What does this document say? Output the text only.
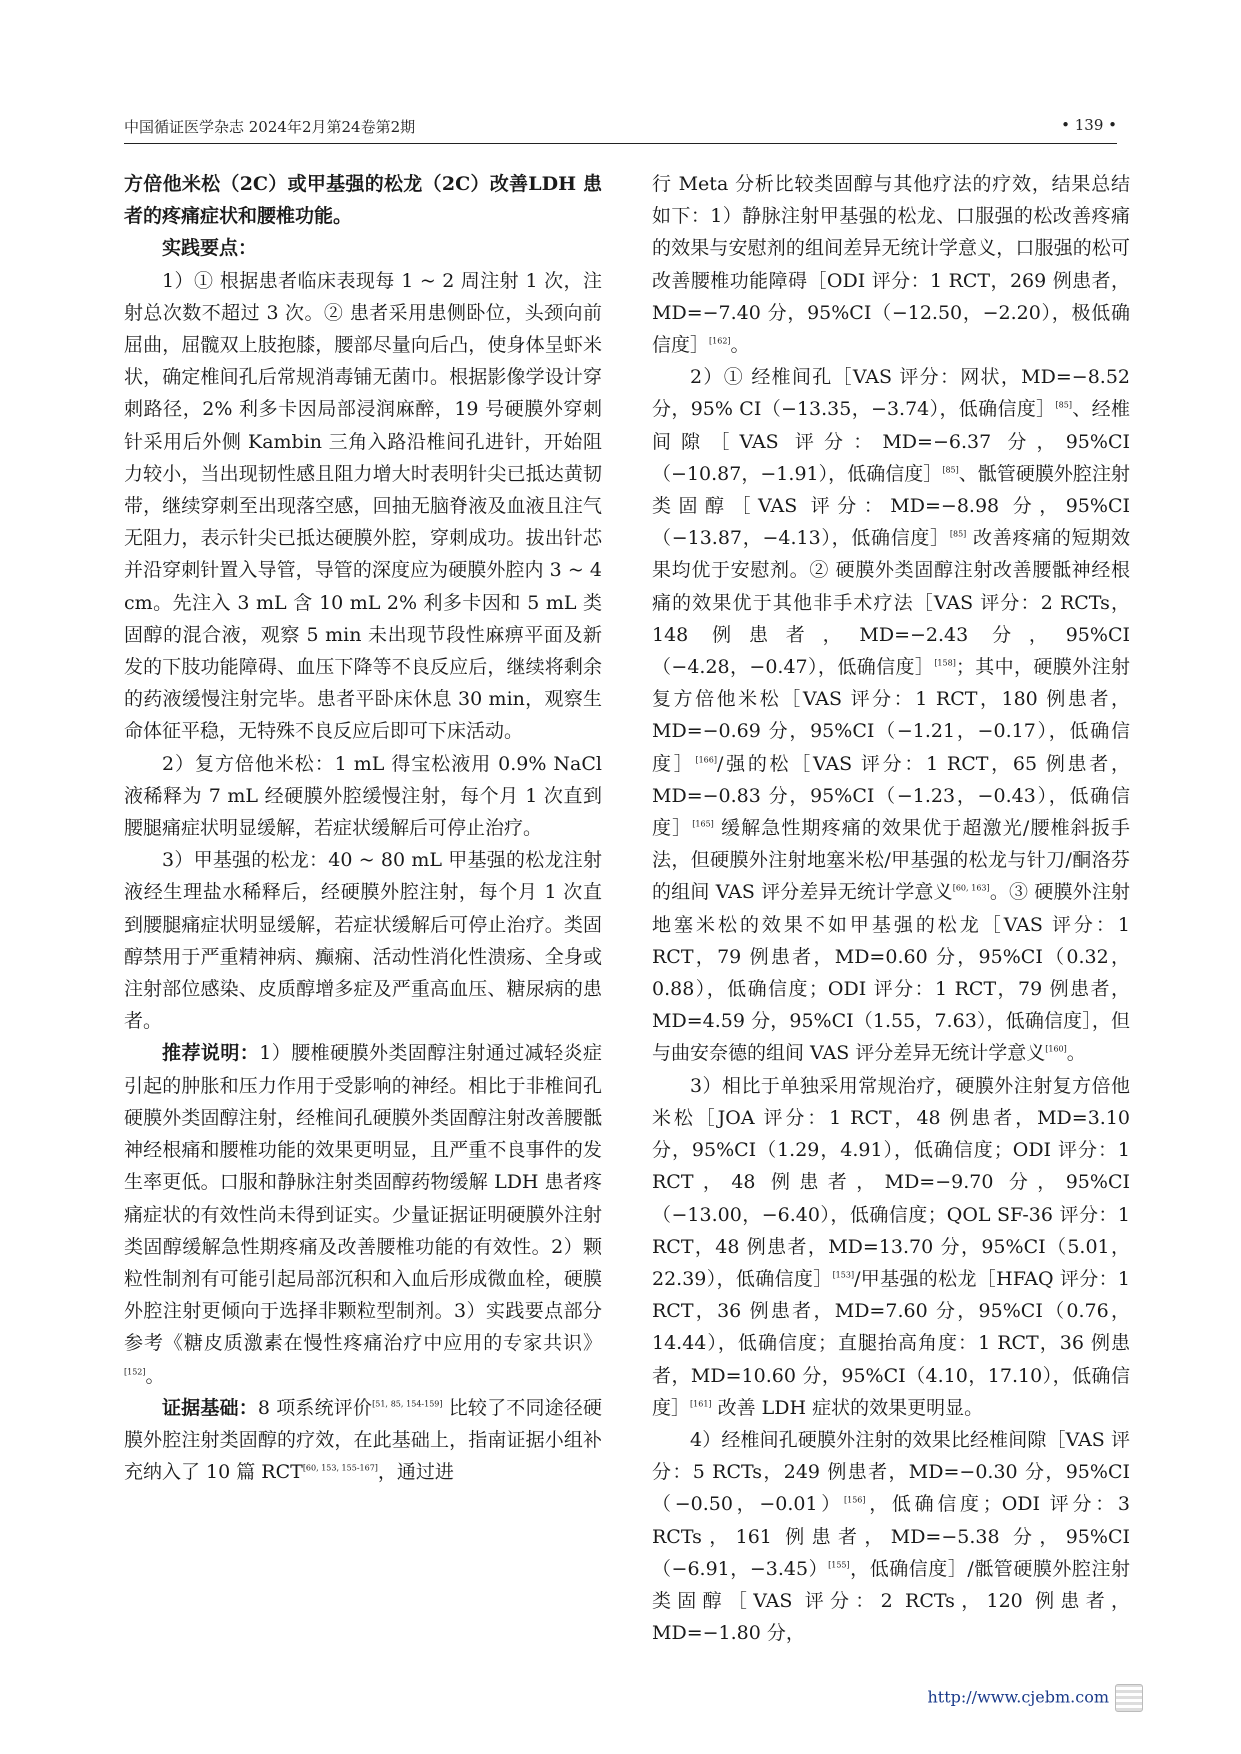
中国循证医学杂志 2024年2月第24卷第2期	• 139 •

方倍他米松（2C）或甲基强的松龙（2C）改善LDH 患者的疼痛症状和腰椎功能。

实践要点：

1）① 根据患者临床表现每 1 ~ 2 周注射 1 次，注射总次数不超过 3 次。② 患者采用患侧卧位，头颈向前屈曲，屈髋双上肢抱膝，腰部尽量向后凸，使身体呈虾米状，确定椎间孔后常规消毒铺无菌巾。根据影像学设计穿刺路径，2% 利多卡因局部浸润麻醉，19 号硬膜外穿刺针采用后外侧 Kambin 三角入路沿椎间孔进针，开始阻力较小，当出现韧性感且阻力增大时表明针尖已抵达黄韧带，继续穿刺至出现落空感，回抽无脑脊液及血液且注气无阻力，表示针尖已抵达硬膜外腔，穿刺成功。拔出针芯并沿穿刺针置入导管，导管的深度应为硬膜外腔内 3 ~ 4 cm。先注入 3 mL 含 10 mL 2% 利多卡因和 5 mL 类固醇的混合液，观察 5 min 未出现节段性麻痹平面及新发的下肢功能障碍、血压下降等不良反应后，继续将剩余的药液缓慢注射完毕。患者平卧床休息 30 min，观察生命体征平稳，无特殊不良反应后即可下床活动。

2）复方倍他米松：1 mL 得宝松液用 0.9% NaCl 液稀释为 7 mL 经硬膜外腔缓慢注射，每个月 1 次直到腰腿痛症状明显缓解，若症状缓解后可停止治疗。

3）甲基强的松龙：40 ~ 80 mL 甲基强的松龙注射液经生理盐水稀释后，经硬膜外腔注射，每个月 1 次直到腰腿痛症状明显缓解，若症状缓解后可停止治疗。类固醇禁用于严重精神病、癫痫、活动性消化性溃疡、全身或注射部位感染、皮质醇增多症及严重高血压、糖尿病的患者。

推荐说明：1）腰椎硬膜外类固醇注射通过减轻炎症引起的肿胀和压力作用于受影响的神经。相比于非椎间孔硬膜外类固醇注射，经椎间孔硬膜外类固醇注射改善腰骶神经根痛和腰椎功能的效果更明显，且严重不良事件的发生率更低。口服和静脉注射类固醇药物缓解 LDH 患者疼痛症状的有效性尚未得到证实。少量证据证明硬膜外注射类固醇缓解急性期疼痛及改善腰椎功能的有效性。2）颗粒性制剂有可能引起局部沉积和入血后形成微血栓，硬膜外腔注射更倾向于选择非颗粒型制剂。3）实践要点部分参考《糖皮质激素在慢性疼痛治疗中应用的专家共识》[152]。

证据基础：8 项系统评价[51, 85, 154-159] 比较了不同途径硬膜外腔注射类固醇的疗效，在此基础上，指南证据小组补充纳入了 10 篇 RCT[60, 153, 155-167]，通过进

行 Meta 分析比较类固醇与其他疗法的疗效，结果总结如下：1）静脉注射甲基强的松龙、口服强的松改善疼痛的效果与安慰剂的组间差异无统计学意义，口服强的松可改善腰椎功能障碍［ODI 评分：1 RCT，269 例患者，MD=−7.40 分，95%CI（−12.50，−2.20），极低确信度］[162]。

2）① 经椎间孔［VAS 评分：网状，MD=−8.52 分，95% CI（−13.35，−3.74），低确信度］[85]、经椎间隙［VAS 评分：MD=−6.37 分，95%CI（−10.87，−1.91），低确信度］[85]、骶管硬膜外腔注射类固醇［VAS 评分：MD=−8.98 分，95%CI（−13.87，−4.13），低确信度］[85] 改善疼痛的短期效果均优于安慰剂。② 硬膜外类固醇注射改善腰骶神经根痛的效果优于其他非手术疗法［VAS 评分：2 RCTs，148 例患者，MD=−2.43 分，95%CI（−4.28，−0.47），低确信度］[158]；其中，硬膜外注射复方倍他米松［VAS 评分：1 RCT，180 例患者，MD=−0.69 分，95%CI（−1.21，−0.17），低确信度］[166]/强的松［VAS 评分：1 RCT，65 例患者，MD=−0.83 分，95%CI（−1.23，−0.43），低确信度］[165] 缓解急性期疼痛的效果优于超激光/腰椎斜扳手法，但硬膜外注射地塞米松/甲基强的松龙与针刀/酮洛芬的组间 VAS 评分差异无统计学意义[60, 163]。③ 硬膜外注射地塞米松的效果不如甲基强的松龙［VAS 评分：1 RCT，79 例患者，MD=0.60 分，95%CI（0.32，0.88），低确信度；ODI 评分：1 RCT，79 例患者，MD=4.59 分，95%CI（1.55，7.63），低确信度］，但与曲安奈德的组间 VAS 评分差异无统计学意义[160]。

3）相比于单独采用常规治疗，硬膜外注射复方倍他米松［JOA 评分：1 RCT，48 例患者，MD=3.10 分，95%CI（1.29，4.91），低确信度；ODI 评分：1 RCT，48 例患者，MD=−9.70 分，95%CI（−13.00，−6.40），低确信度；QOL SF-36 评分：1 RCT，48 例患者，MD=13.70 分，95%CI（5.01，22.39），低确信度］[153]/甲基强的松龙［HFAQ 评分：1 RCT，36 例患者，MD=7.60 分，95%CI（0.76，14.44），低确信度；直腿抬高角度：1 RCT，36 例患者，MD=10.60 分，95%CI（4.10，17.10），低确信度］[161] 改善 LDH 症状的效果更明显。

4）经椎间孔硬膜外注射的效果比经椎间隙［VAS 评分：5 RCTs，249 例患者，MD=−0.30 分，95%CI（−0.50，−0.01）[156]，低确信度；ODI 评分：3 RCTs，161 例患者，MD=−5.38 分，95%CI（−6.91，−3.45）[155]，低确信度］/骶管硬膜外腔注射类固醇［VAS 评分：2 RCTs，120 例患者，MD=−1.80 分，

http://www.cjebm.com
